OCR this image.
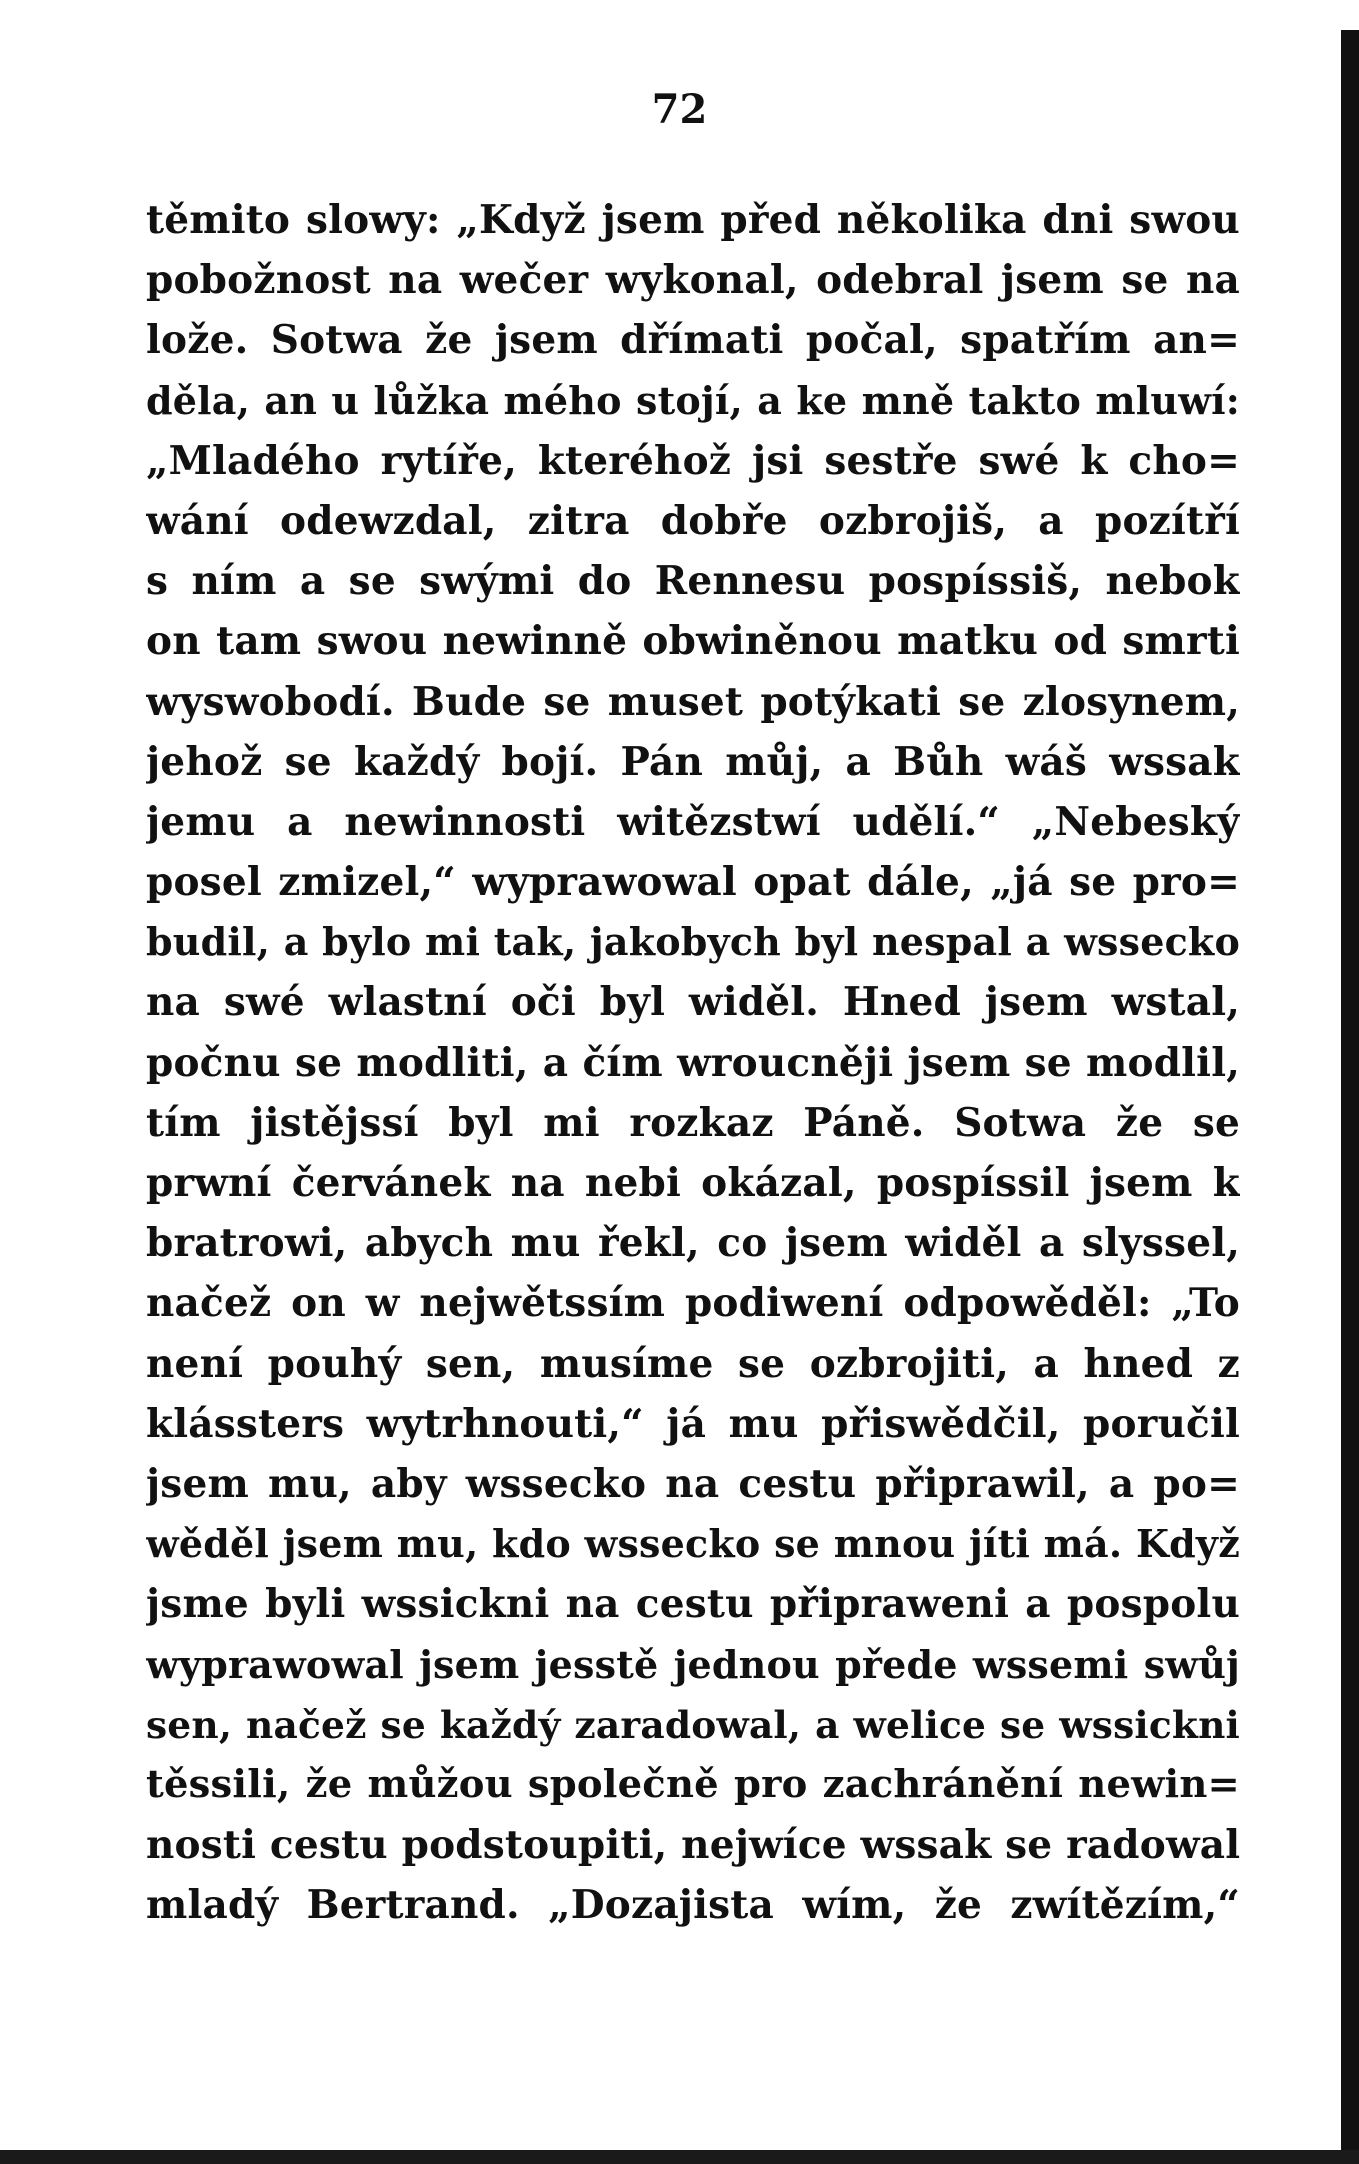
72
těmito slowy: „Když jsem před několika dni swou
pobožnost na wečer wykonal, odebral jsem se na
lože. Sotwa že jsem dřímati počal, spatřím an=
děla, an u lůžka mého stojí, a ke mně takto mluwí:
„Mladého rytíře, kteréhož jsi sestře swé k cho=
wání odewzdal, zitra dobře ozbrojiš, a pozítří
s ním a se swými do Rennesu pospíssiš, nebok
on tam swou newinně obwiněnou matku od smrti
wyswobodí. Bude se muset potýkati se zlosynem,
jehož se každý bojí. Pán můj, a Bůh wáš wssak
jemu a newinnosti witězstwí udělí.“ „Nebeský
posel zmizel,“ wyprawowal opat dále, „já se pro=
budil, a bylo mi tak, jakobych byl nespal a wssecko
na swé wlastní oči byl widěl. Hned jsem wstal,
počnu se modliti, a čím wroucněji jsem se modlil,
tím jistějssí byl mi rozkaz Páně. Sotwa že se
prwní červánek na nebi okázal, pospíssil jsem k
bratrowi, abych mu řekl, co jsem widěl a slyssel,
načež on w nejwětssím podiwení odpowěděl: „To
není pouhý sen, musíme se ozbrojiti, a hned z
klássters wytrhnouti,“ já mu přiswědčil, poručil
jsem mu, aby wssecko na cestu připrawil, a po=
wěděl jsem mu, kdo wssecko se mnou jíti má. Když
jsme byli wssickni na cestu připraweni a pospolu
wyprawowal jsem jesstě jednou přede wssemi swůj
sen, načež se každý zaradowal, a welice se wssickni
těssili, že můžou společně pro zachránění newin=
nosti cestu podstoupiti, nejwíce wssak se radowal
mladý Bertrand. „Dozajista wím, že zwítězím,“
